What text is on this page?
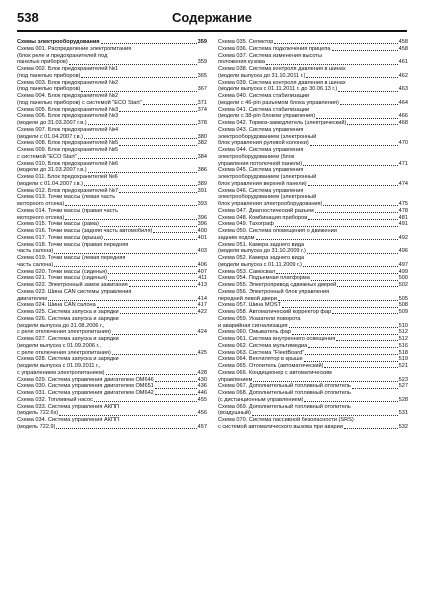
538	Содержание
Схемы электрооборудования	359
Схема 001. Распределение электропитания
(блок реле и предохранителей под
панелью приборов)	359
Схема 002. Блок предохранителей №1
(под панелью приборов)	365
Схема 003. Блок предохранителей №2
(под панелью приборов)	367
Схема 004. Блок предохранителей №2
(под панелью приборов) с системой "ECO Start"	371
Схема 005. Блок предохранителей №3	374
Схема 006. Блок предохранителей №3
(модели до 31.03.2007 г.в.)	378
Схема 007. Блок предохранителей №4
(модели с 01.04.2007 г.в.)	380
Схема 008. Блок предохранителей №5	382
Схема 009. Блок предохранителей №5
с системой "ECO Start"	384
Схема 010. Блок предохранителей №6
(модели до 31.03.2007 г.в.)	386
Схема 011. Блок предохранителей №6
(модели с 01.04.2007 г.в.)	389
Схема 012. Блок предохранителей №7	391
Схема 013. Точки массы (левая часть
моторного отсека)	393
Схема 014. Точки массы (правая часть
моторного отсека)	396
Схема 015. Точки массы (рама)	396
Схема 016. Точки массы (задняя часть автомобиля)	400
Схема 017. Точки массы (крыша)	401
Схема 018. Точки массы (правая передняя
часть салона)	403
Схема 019. Точки массы (левая передняя
часть салона)	406
Схема 020. Точки массы (сиденья)	407
Схема 021. Точки массы (сиденья)	411
Схема 022. Электронный замок зажигания	413
Схема 023. Шина CAN системы управления
двигателем	414
Схема 024. Шина CAN салона	417
Схема 025. Система запуска и зарядки	422
Схема 026. Система запуска и зарядки
(модели выпуска до 31.08.2006 г.,
с реле отключения электропитания)	424
Схема 027. Система запуска и зарядки
(модели выпуска с 01.09.2006 г.,
с реле отключения электропитания)	425
Схема 028. Система запуска и зарядки
(модели выпуска с 01.09.2011 г.,
с управлением электропитанием)	428
Схема 029. Система управления двигателем OM646	430
Схема 030. Система управления двигателем OM651	436
Схема 031. Система управления двигателем OM642	446
Схема 032. Топливный насос	455
Схема 033. Система управления АКПП
(модель 722.6x)	456
Схема 034. Система управления АКПП
(модель 722.9)	457
Схема 035. Селектор	458
Схема 036. Система подключения прицепа	458
Схема 037. Система изменения высоты
положения кузова	461
Схема 038. Система контроля давления в шинах
(модели выпуска до 31.10.2011 г.)	462
Схема 039. Система контроля давления в шинах
(модели выпуска с 01.11.2011 г. до 30.06.13 г.)	463
Схема 040. Система стабилизации
(модели с 46-pin разъемом блока управления)	464
Схема 041. Система стабилизации
(модели с 38-pin блоком управления)	466
Схема 042. Тормоз-замедлитель (электрический)	468
Схема 043. Система управления
электрооборудованием (электронный
блок управления рулевой колонки)	470
Схема 044. Система управления
электрооборудованием (блок
управления потолочной панели)	471
Схема 045. Система управления
электрооборудованием (электронный
блок управления верхней панели)	474
Схема 046. Система управления
электрооборудованием (электронный
блок управления электрооборудования)	475
Схема 047. Диагностический разъем	478
Схема 048. Комбинация приборов	481
Схема 049. Тахограф	491
Схема 050. Система оповещения о движении
задним ходом	492
Схема 051. Камера заднего вида
(модели выпуска до 31.10.2009 г.)	496
Схема 052. Камера заднего вида
(модели выпуска с 01.11.2009 г.)	497
Схема 053. Самосвал	499
Схема 054. Подъемная платформа	500
Схема 055. Электропривод сдвижных дверей	502
Схема 056. Электронный блок управления
передней левой двери	505
Схема 057. Шина MOST	508
Схема 058. Автоматический корректор фар	509
Схема 059. Указатели поворота
и аварийная сигнализация	510
Схема 060. Омыватель фар	512
Схема 061. Система внутреннего освещения	512
Схема 062. Система мультимедиа	516
Схема 063. Система "FleetBoard"	518
Схема 064. Вентилятор в крыше	519
Схема 065. Отопитель (автоматический)	521
Схема 066. Кондиционер с автоматическим
управлением	523
Схема 067. Дополнительный топливный отопитель	527
Схема 068. Дополнительный топливный отопитель
(с дистанционным управлением)	528
Схема 069. Дополнительный топливный отопитель
(воздушный)	531
Схема 070. Система пассивной безопасности (SRS)
с системой автоматического вызова при аварии	532
